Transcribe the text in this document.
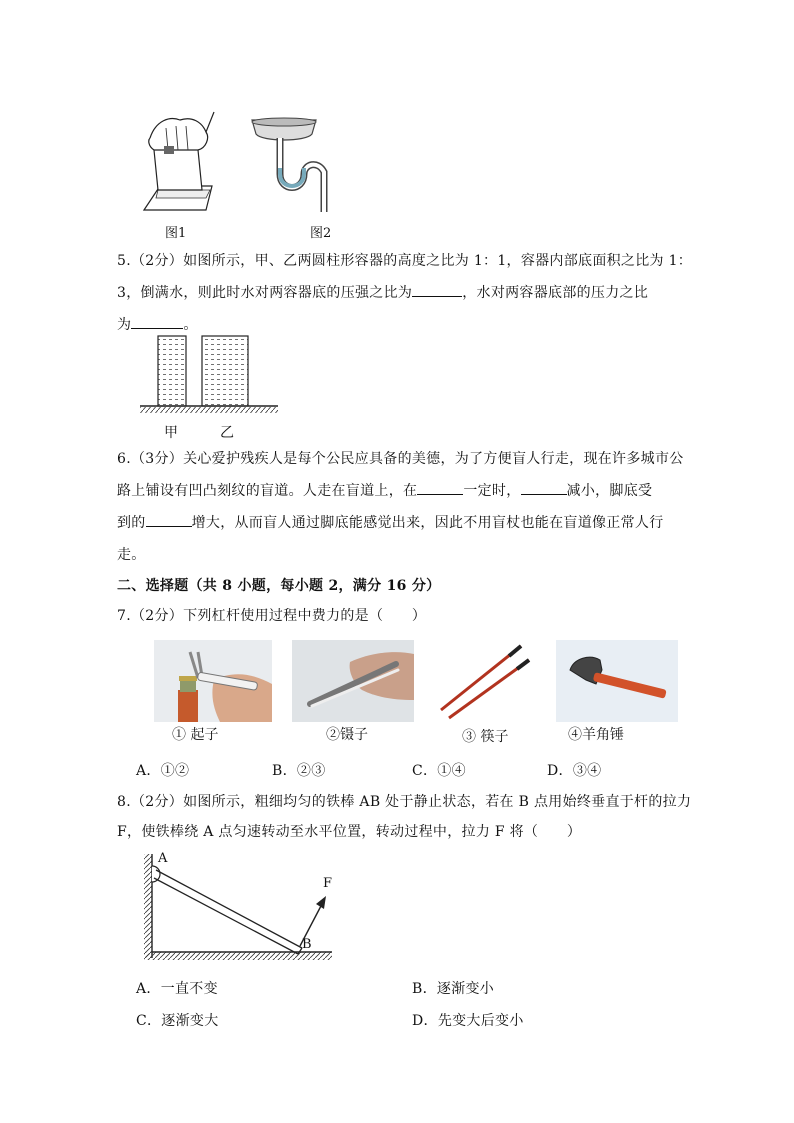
图1	图2
5.（2分）如图所示，甲、乙两圆柱形容器的高度之比为 1：1，容器内部底面积之比为 1：
3，倒满水，则此时水对两容器底的压强之比为	，水对两容器底部的压力之比
为	。
甲	乙
6.（3分）关心爱护残疾人是每个公民应具备的美德，为了方便盲人行走，现在许多城市公
路上铺设有凹凸刻纹的盲道。人走在盲道上，在	一定时，	减小，脚底受
到的	增大，从而盲人通过脚底能感觉出来，因此不用盲杖也能在盲道像正常人行
走。
二、选择题（共 8 小题，每小题 2，满分 16 分）
7.（2分）下列杠杆使用过程中费力的是（　　）
① 起子	②镊子	③ 筷子	④羊角锤
A．①②	B．②③	C．①④	D．③④
8.（2分）如图所示，粗细均匀的铁棒 AB 处于静止状态，若在 B 点用始终垂直于杆的拉力
F，使铁棒绕 A 点匀速转动至水平位置，转动过程中，拉力 F 将（　　）
A
F
B
A．一直不变	B．逐渐变小
C．逐渐变大	D．先变大后变小
